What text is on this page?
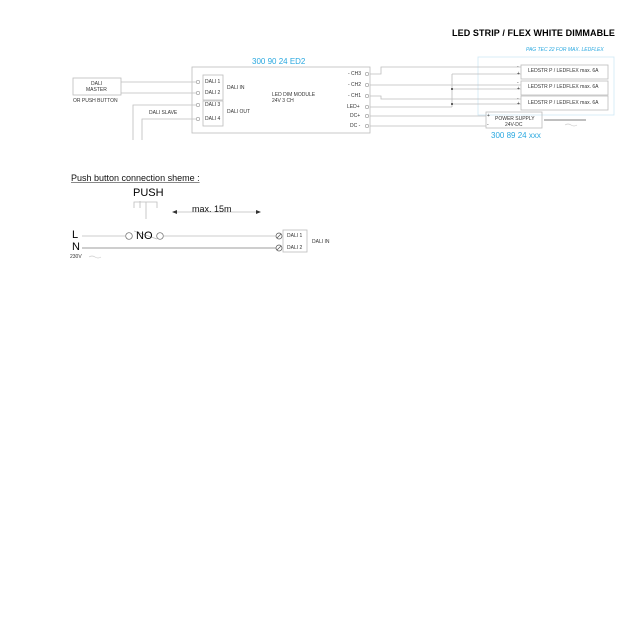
LED STRIP / FLEX WHITE DIMMABLE
PAG TEC 22 FOR MAX. LEDFLEX
300 90 24 ED2
LED DIM MODULE
24V 3 CH
DALI 1
DALI 2
DALI 3
DALI 4
DALI IN
DALI OUT
- CH3
- CH2
- CH1
LED+
DC+
DC -
DALI
MASTER
OR PUSH BUTTON
DALI SLAVE
-
+ LEDSTR P / LEDFLEX max. 6A
-
+ LEDSTR P / LEDFLEX max. 6A
-
+ LEDSTR P / LEDFLEX max. 6A
+
-
POWER SUPPLY
24V-DC
300 89 24 xxx
Push button connection sheme :
PUSH
max. 15m
NO
L
N
230V
DALI 1
DALI 2
DALI IN
